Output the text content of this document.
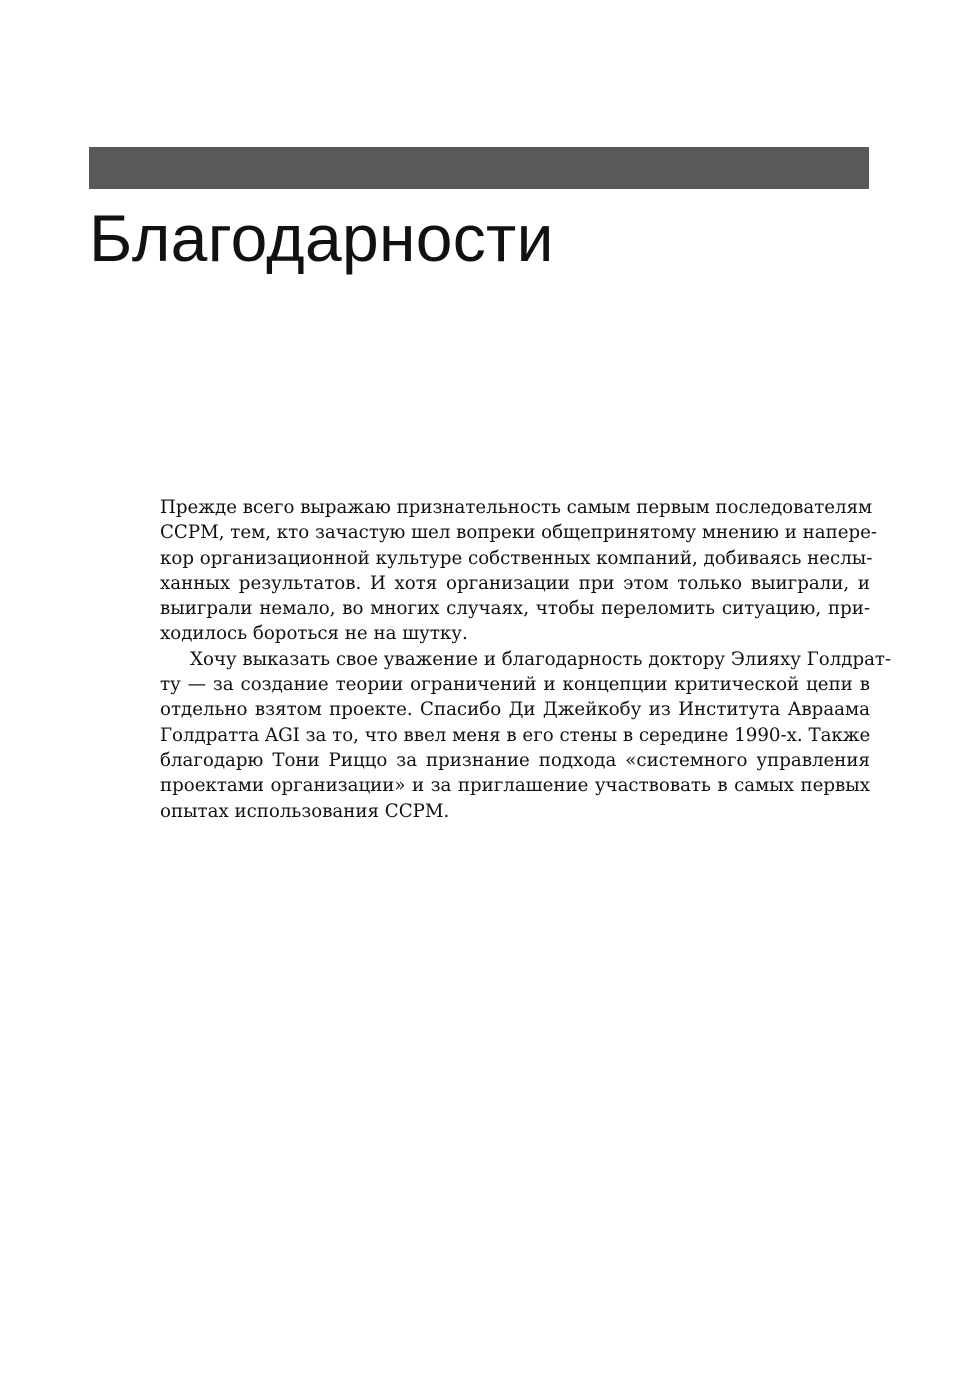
Благодарности
Прежде всего выражаю признательность самым первым последователям
CCPM, тем, кто зачастую шел вопреки общепринятому мнению и напере-
кор организационной культуре собственных компаний, добиваясь неслы-
ханных результатов. И хотя организации при этом только выиграли, и
выиграли немало, во многих случаях, чтобы переломить ситуацию, при-
ходилось бороться не на шутку.
Хочу выказать свое уважение и благодарность доктору Элияху Голдрат-
ту — за создание теории ограничений и концепции критической цепи в
отдельно взятом проекте. Спасибо Ди Джейкобу из Института Авраама
Голдратта AGI за то, что ввел меня в его стены в середине 1990-х. Также
благодарю Тони Риццо за признание подхода «системного управления
проектами организации» и за приглашение участвовать в самых первых
опытах использования CCPM.
